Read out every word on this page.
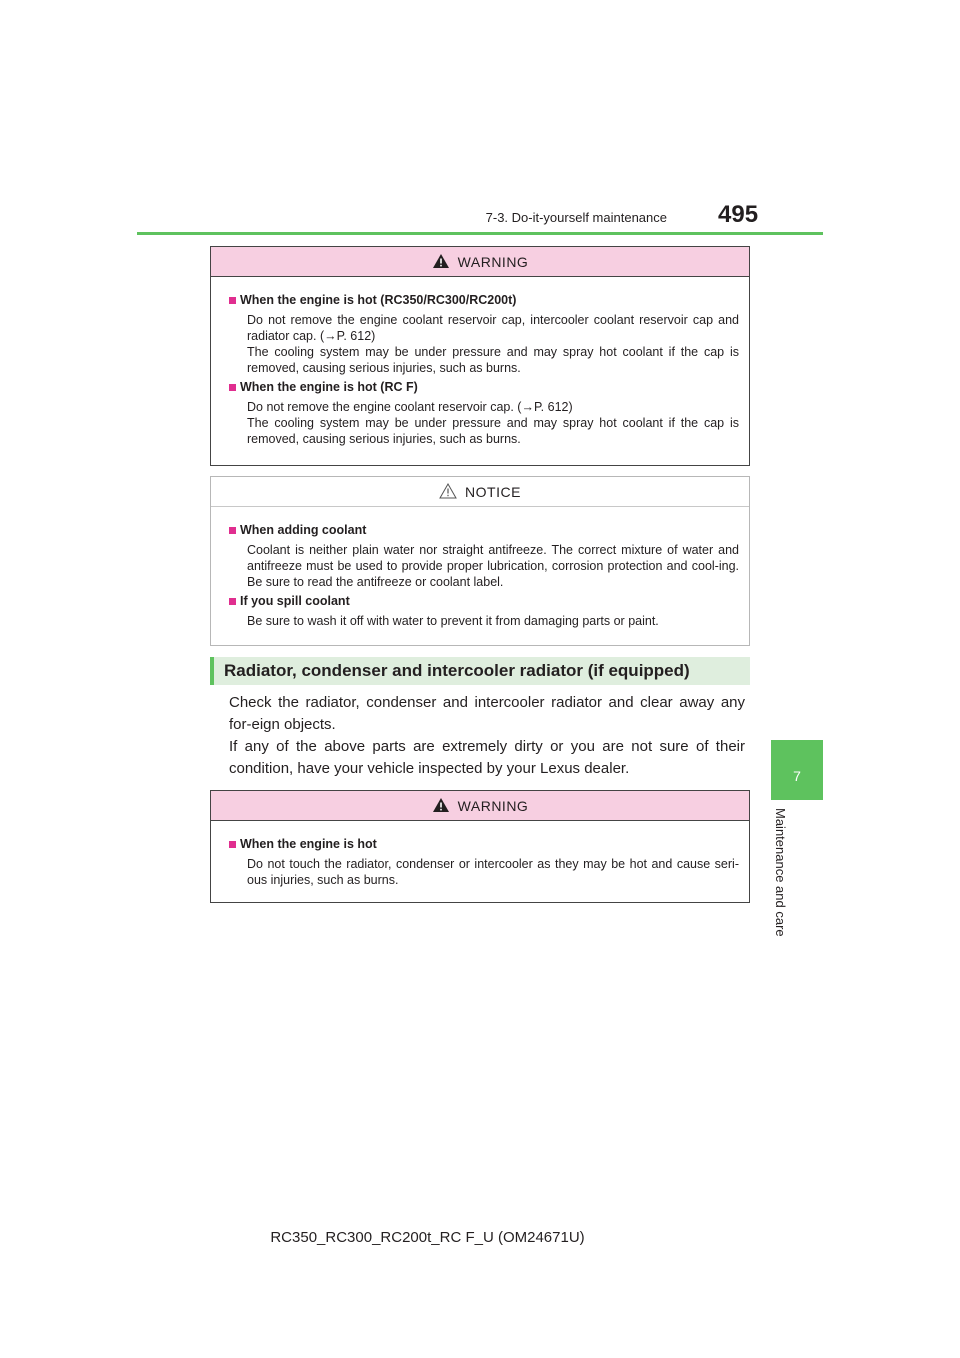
7-3. Do-it-yourself maintenance 495
7
Maintenance and care
WARNING
When the engine is hot (RC350/RC300/RC200t)
Do not remove the engine coolant reservoir cap, intercooler coolant reservoir cap and radiator cap. (→P. 612)
The cooling system may be under pressure and may spray hot coolant if the cap is removed, causing serious injuries, such as burns.
When the engine is hot (RC F)
Do not remove the engine coolant reservoir cap. (→P. 612)
The cooling system may be under pressure and may spray hot coolant if the cap is removed, causing serious injuries, such as burns.
NOTICE
When adding coolant
Coolant is neither plain water nor straight antifreeze. The correct mixture of water and antifreeze must be used to provide proper lubrication, corrosion protection and cool-ing. Be sure to read the antifreeze or coolant label.
If you spill coolant
Be sure to wash it off with water to prevent it from damaging parts or paint.
Radiator, condenser and intercooler radiator (if equipped)

Check the radiator, condenser and intercooler radiator and clear away any for-eign objects.

If any of the above parts are extremely dirty or you are not sure of their condition, have your vehicle inspected by your Lexus dealer.

WARNING
When the engine is hot
Do not touch the radiator, condenser or intercooler as they may be hot and cause seri-ous injuries, such as burns.
RC350_RC300_RC200t_RC F_U (OM24671U)
